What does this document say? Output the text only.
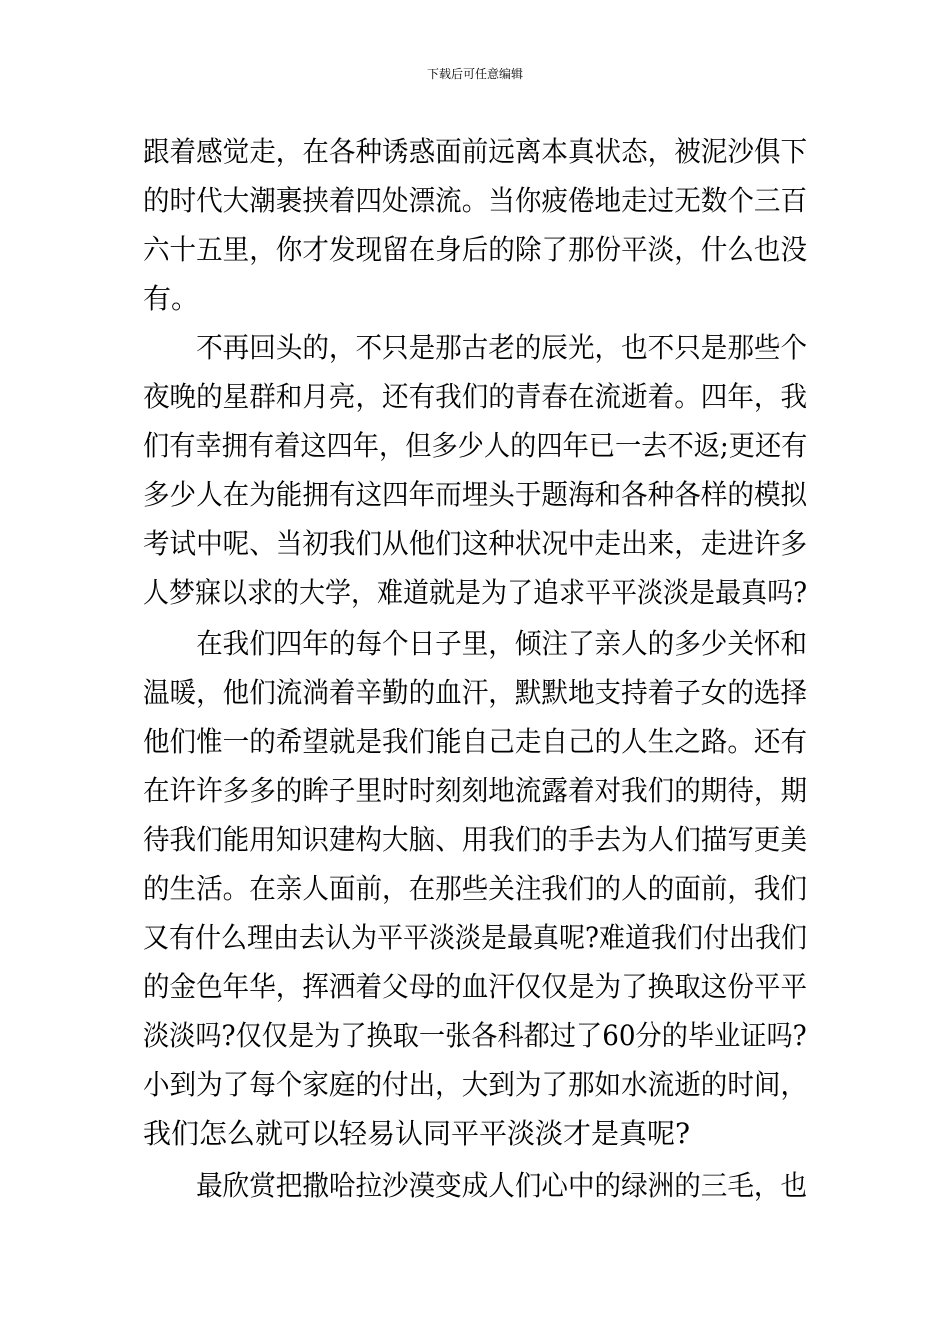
下载后可任意编辑
跟着感觉走，在各种诱惑面前远离本真状态，被泥沙俱下
的时代大潮裹挟着四处漂流。当你疲倦地走过无数个三百
六十五里，你才发现留在身后的除了那份平淡，什么也没
有。
　　不再回头的，不只是那古老的辰光，也不只是那些个
夜晚的星群和月亮，还有我们的青春在流逝着。四年，我
们有幸拥有着这四年，但多少人的四年已一去不返;更还有
多少人在为能拥有这四年而埋头于题海和各种各样的模拟
考试中呢、当初我们从他们这种状况中走出来，走进许多
人梦寐以求的大学，难道就是为了追求平平淡淡是最真吗?
　　在我们四年的每个日子里，倾注了亲人的多少关怀和
温暖，他们流淌着辛勤的血汗，默默地支持着子女的选择
他们惟一的希望就是我们能自己走自己的人生之路。还有
在许许多多的眸子里时时刻刻地流露着对我们的期待，期
待我们能用知识建构大脑、用我们的手去为人们描写更美
的生活。在亲人面前，在那些关注我们的人的面前，我们
又有什么理由去认为平平淡淡是最真呢?难道我们付出我们
的金色年华，挥洒着父母的血汗仅仅是为了换取这份平平
淡淡吗?仅仅是为了换取一张各科都过了60分的毕业证吗?
小到为了每个家庭的付出，大到为了那如水流逝的时间，
我们怎么就可以轻易认同平平淡淡才是真呢?
　　最欣赏把撒哈拉沙漠变成人们心中的绿洲的三毛，也
